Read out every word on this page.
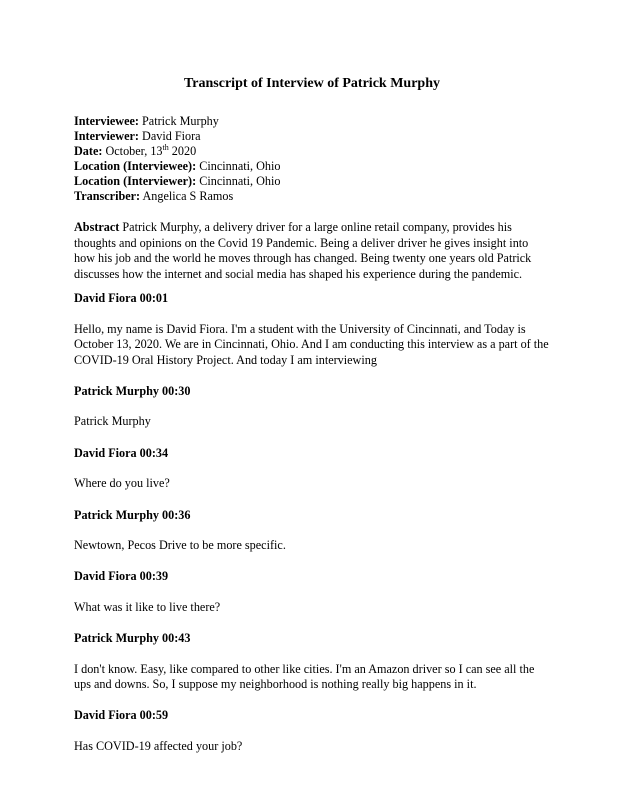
Transcript of Interview of Patrick Murphy
Interviewee: Patrick Murphy
Interviewer: David Fiora
Date: October, 13th 2020
Location (Interviewee): Cincinnati, Ohio
Location (Interviewer): Cincinnati, Ohio
Transcriber: Angelica S Ramos
Abstract Patrick Murphy, a delivery driver for a large online retail company, provides his thoughts and opinions on the Covid 19 Pandemic. Being a deliver driver he gives insight into how his job and the world he moves through has changed. Being twenty one years old Patrick discusses how the internet and social media has shaped his experience during the pandemic.
David Fiora 00:01
Hello, my name is David Fiora. I'm a student with the University of Cincinnati, and Today is October 13, 2020. We are in Cincinnati, Ohio. And I am conducting this interview as a part of the COVID-19 Oral History Project. And today I am interviewing
Patrick Murphy 00:30
Patrick Murphy
David Fiora 00:34
Where do you live?
Patrick Murphy 00:36
Newtown, Pecos Drive to be more specific.
David Fiora 00:39
What was it like to live there?
Patrick Murphy 00:43
I don't know. Easy, like compared to other like cities. I'm an Amazon driver so I can see all the ups and downs. So, I suppose my neighborhood is nothing really big happens in it.
David Fiora 00:59
Has COVID-19 affected your job?
